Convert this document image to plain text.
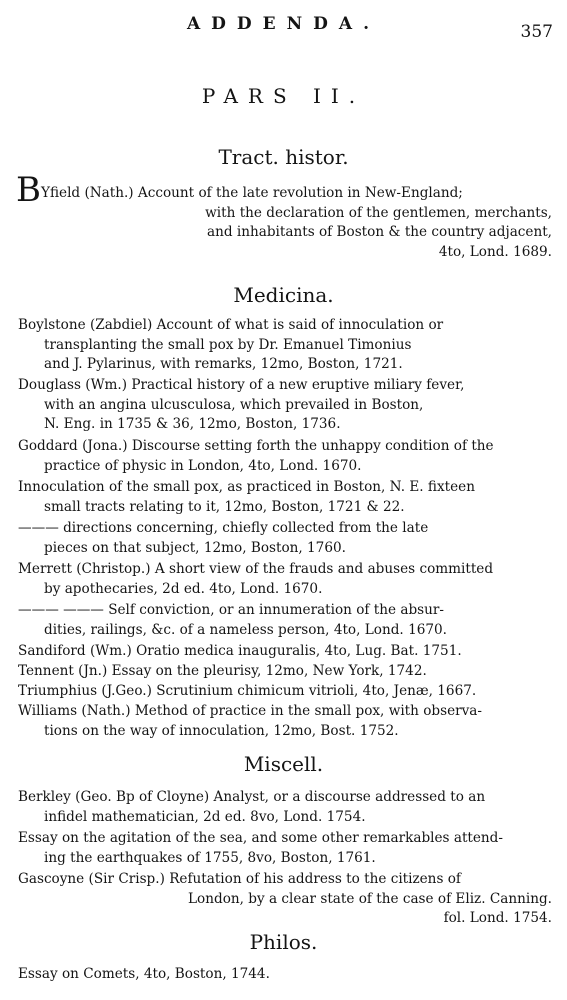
ADDENDA.	357
PARS II.
Tract. histor.
BYfield (Nath.) Account of the late revolution in New-England;
with the declaration of the gentlemen, merchants,
and inhabitants of Boston & the country adjacent,
4to, Lond. 1689.
Medicina.
Boylstone (Zabdiel) Account of what is said of innoculation or
transplanting the small pox by Dr. Emanuel Timonius
and J. Pylarinus, with remarks, 12mo, Boston, 1721.
Douglass (Wm.) Practical history of a new eruptive miliary fever,
with an angina ulcusculosa, which prevailed in Boston,
N. Eng. in 1735 & 36, 12mo, Boston, 1736.
Goddard (Jona.) Discourse setting forth the unhappy condition of the
practice of physic in London, 4to, Lond. 1670.
Innoculation of the small pox, as practiced in Boston, N. E. fixteen
small tracts relating to it, 12mo, Boston, 1721 & 22.
——— directions concerning, chiefly collected from the late
pieces on that subject, 12mo, Boston, 1760.
Merrett (Christop.) A short view of the frauds and abuses committed
by apothecaries, 2d ed. 4to, Lond. 1670.
——— ——— Self conviction, or an innumeration of the absur-
dities, railings, &c. of a nameless person, 4to, Lond. 1670.
Sandiford (Wm.) Oratio medica inauguralis, 4to, Lug. Bat. 1751.
Tennent (Jn.) Essay on the pleurisy, 12mo, New York, 1742.
Triumphius (J.Geo.) Scrutinium chimicum vitrioli, 4to, Jenæ, 1667.
Williams (Nath.) Method of practice in the small pox, with observa-
tions on the way of innoculation, 12mo, Bost. 1752.
Miscell.
Berkley (Geo. Bp of Cloyne) Analyst, or a discourse addressed to an
infidel mathematician, 2d ed. 8vo, Lond. 1754.
Essay on the agitation of the sea, and some other remarkables attend-
ing the earthquakes of 1755, 8vo, Boston, 1761.
Gascoyne (Sir Crisp.) Refutation of his address to the citizens of
London, by a clear state of the case of Eliz. Canning.
fol. Lond. 1754.
Philos.
Essay on Comets, 4to, Boston, 1744.
